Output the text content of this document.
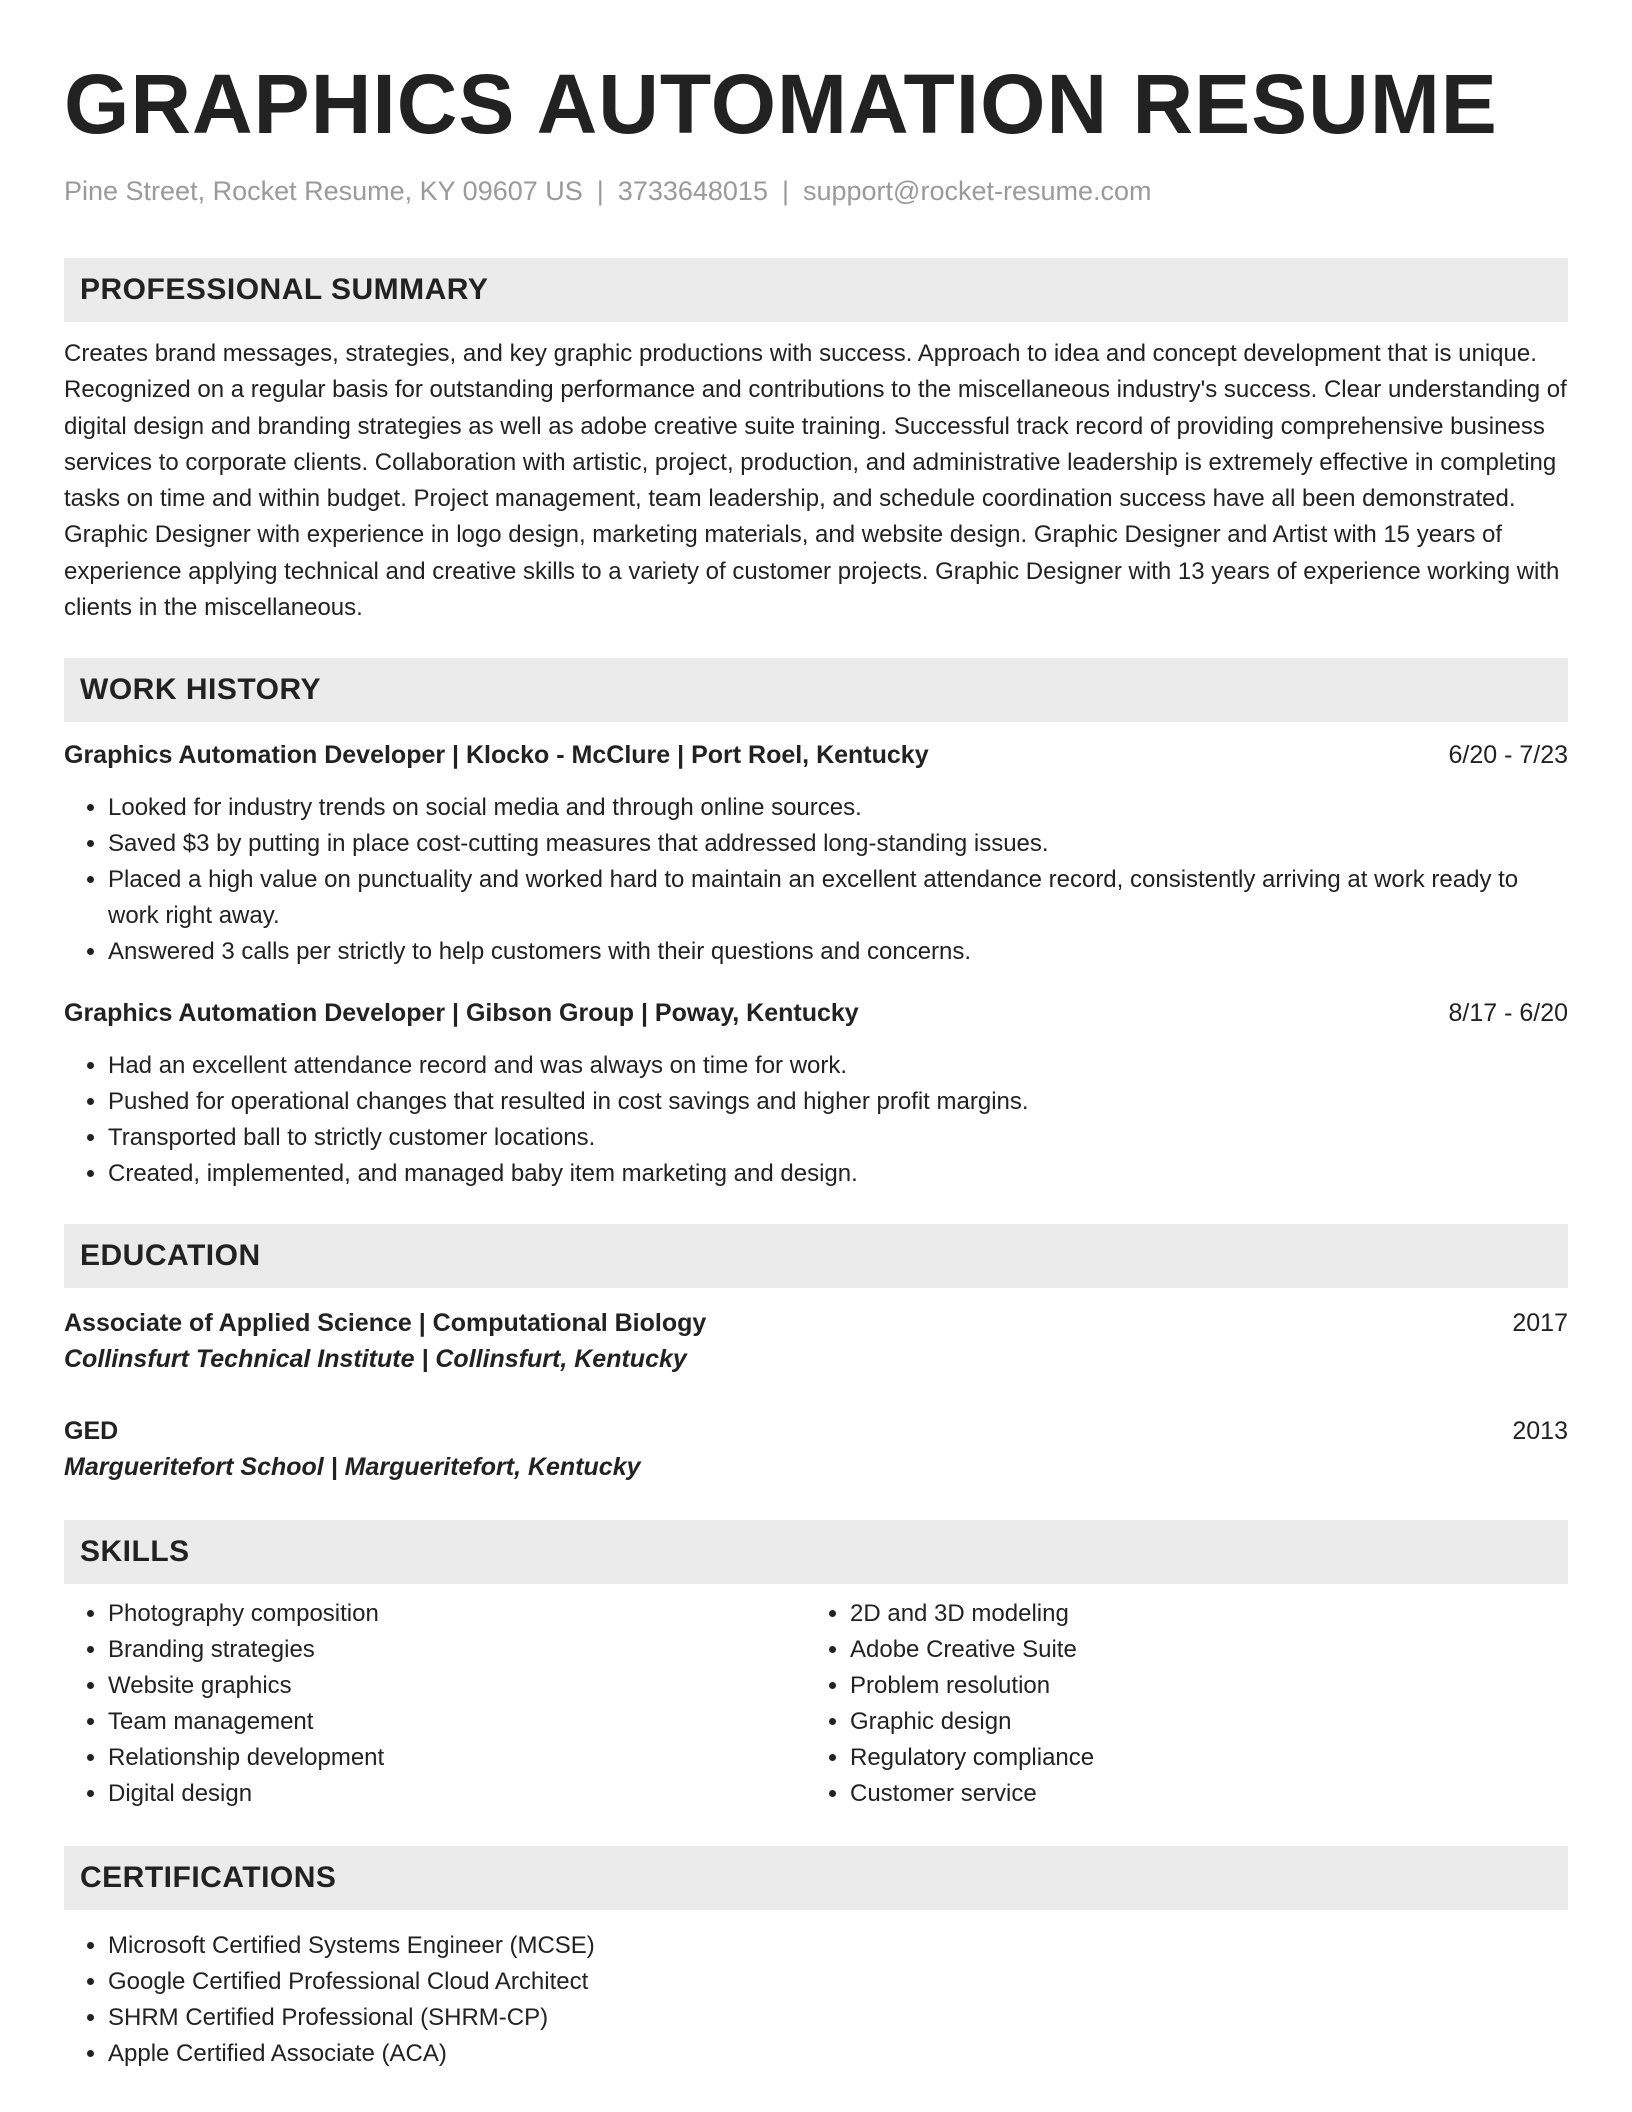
GRAPHICS AUTOMATION RESUME
Pine Street, Rocket Resume, KY 09607 US | 3733648015 | support@rocket-resume.com
PROFESSIONAL SUMMARY
Creates brand messages, strategies, and key graphic productions with success. Approach to idea and concept development that is unique. Recognized on a regular basis for outstanding performance and contributions to the miscellaneous industry's success. Clear understanding of digital design and branding strategies as well as adobe creative suite training. Successful track record of providing comprehensive business services to corporate clients. Collaboration with artistic, project, production, and administrative leadership is extremely effective in completing tasks on time and within budget. Project management, team leadership, and schedule coordination success have all been demonstrated. Graphic Designer with experience in logo design, marketing materials, and website design. Graphic Designer and Artist with 15 years of experience applying technical and creative skills to a variety of customer projects. Graphic Designer with 13 years of experience working with clients in the miscellaneous.
WORK HISTORY
Graphics Automation Developer | Klocko - McClure | Port Roel, Kentucky	6/20 - 7/23
• Looked for industry trends on social media and through online sources.
• Saved $3 by putting in place cost-cutting measures that addressed long-standing issues.
• Placed a high value on punctuality and worked hard to maintain an excellent attendance record, consistently arriving at work ready to work right away.
• Answered 3 calls per strictly to help customers with their questions and concerns.
Graphics Automation Developer | Gibson Group | Poway, Kentucky	8/17 - 6/20
• Had an excellent attendance record and was always on time for work.
• Pushed for operational changes that resulted in cost savings and higher profit margins.
• Transported ball to strictly customer locations.
• Created, implemented, and managed baby item marketing and design.
EDUCATION
Associate of Applied Science | Computational Biology	2017
Collinsfurt Technical Institute | Collinsfurt, Kentucky
GED	2013
Margueritefort School | Margueritefort, Kentucky
SKILLS
• Photography composition
• Branding strategies
• Website graphics
• Team management
• Relationship development
• Digital design
• 2D and 3D modeling
• Adobe Creative Suite
• Problem resolution
• Graphic design
• Regulatory compliance
• Customer service
CERTIFICATIONS
• Microsoft Certified Systems Engineer (MCSE)
• Google Certified Professional Cloud Architect
• SHRM Certified Professional (SHRM-CP)
• Apple Certified Associate (ACA)
